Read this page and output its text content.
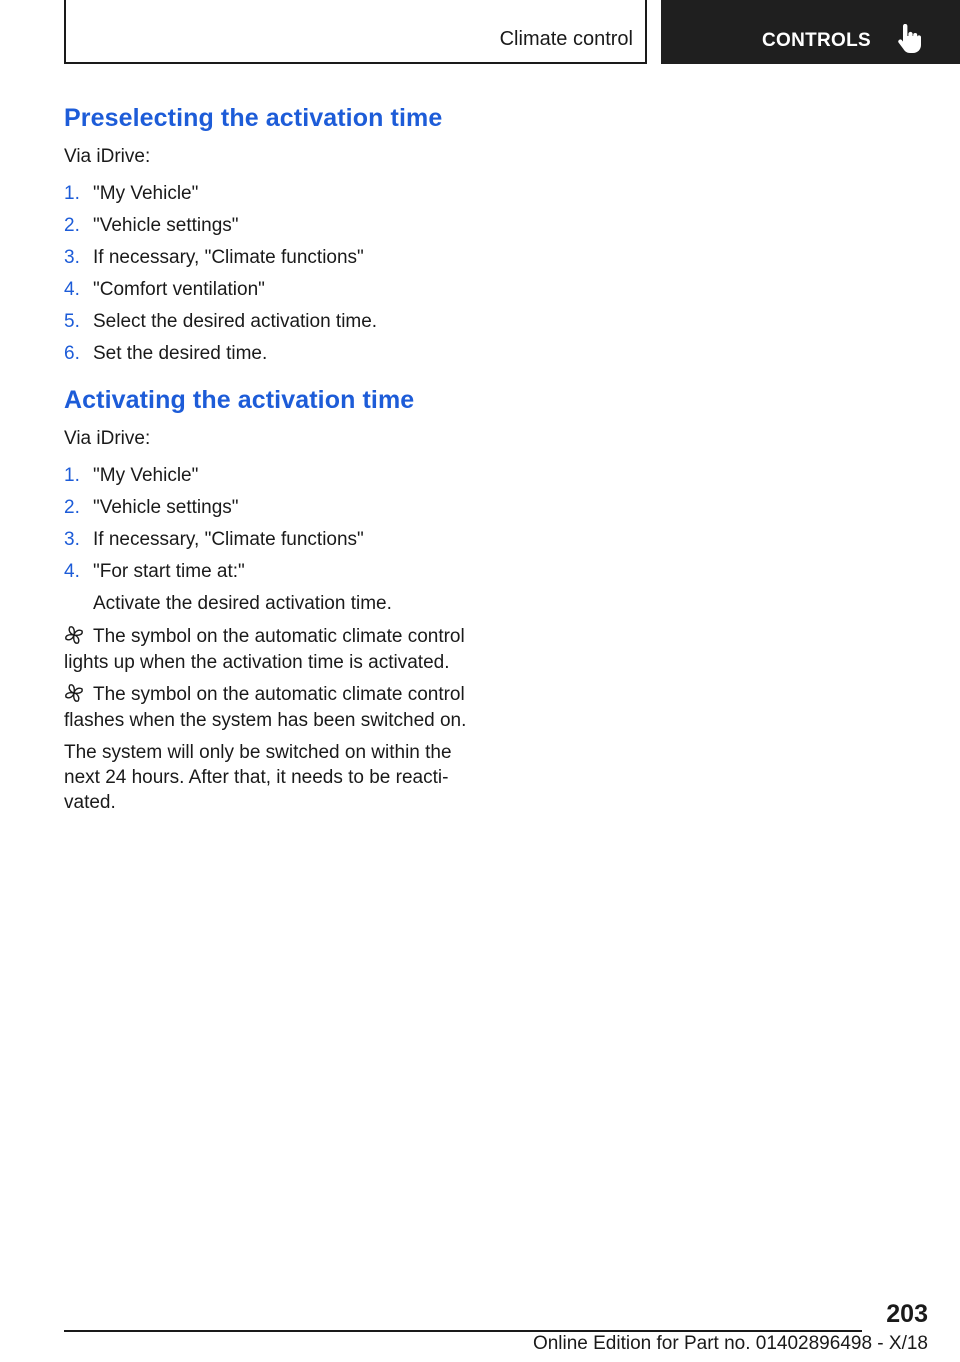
Climate control	CONTROLS
Preselecting the activation time
Via iDrive:
1. "My Vehicle"
2. "Vehicle settings"
3. If necessary, "Climate functions"
4. "Comfort ventilation"
5. Select the desired activation time.
6. Set the desired time.
Activating the activation time
Via iDrive:
1. "My Vehicle"
2. "Vehicle settings"
3. If necessary, "Climate functions"
4. "For start time at:"
Activate the desired activation time.

The symbol on the automatic climate control
lights up when the activation time is activated.

The symbol on the automatic climate control
flashes when the system has been switched on.

The system will only be switched on within the
next 24 hours. After that, it needs to be reacti-
vated.

203
Online Edition for Part no. 01402896498 - X/18
